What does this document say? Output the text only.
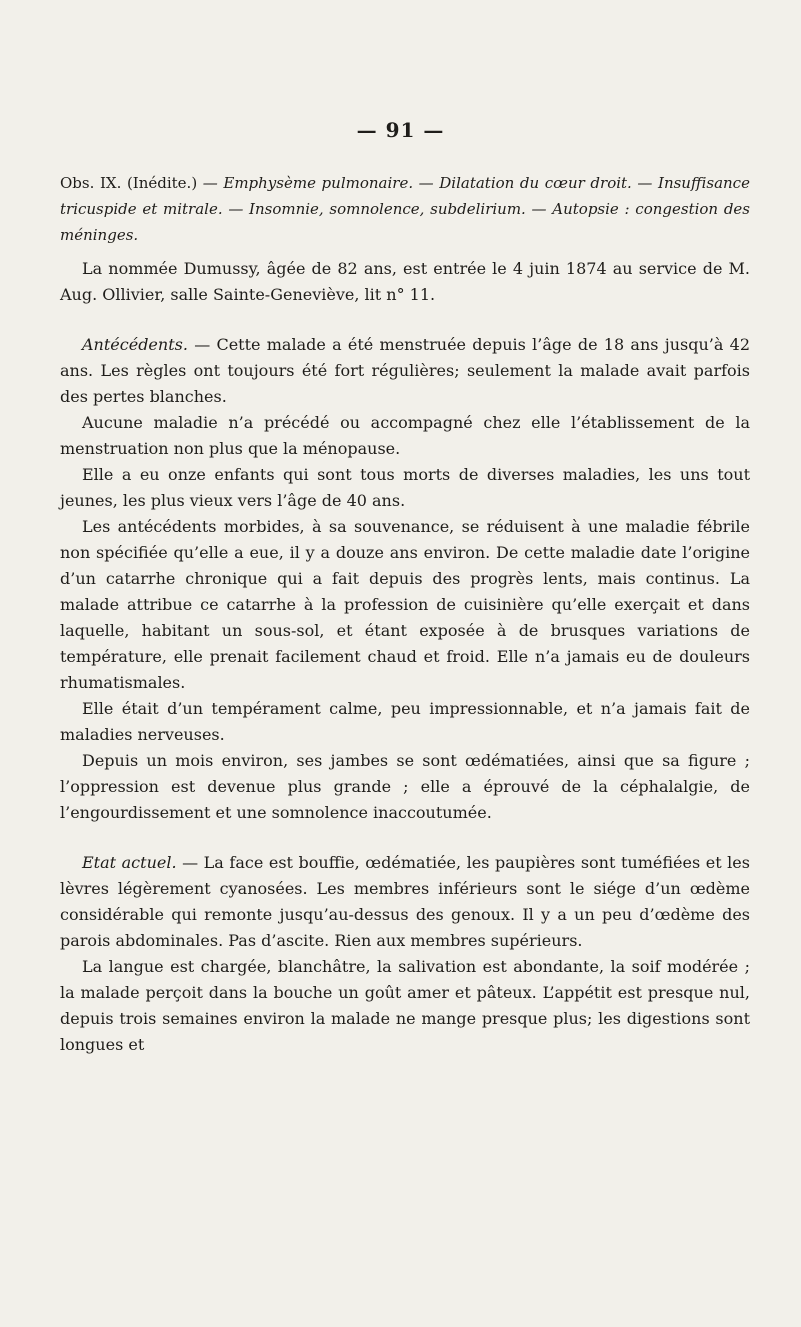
— 91 —
Obs. IX. (Inédite.) — Emphysème pulmonaire. — Dilatation du cœur droit. — Insuffisance tricuspide et mitrale. — Insomnie, somnolence, subdelirium. — Autopsie : congestion des méninges.

La nommée Dumussy, âgée de 82 ans, est entrée le 4 juin 1874 au service de M. Aug. Ollivier, salle Sainte-Geneviève, lit n° 11.

Antécédents. — Cette malade a été menstruée depuis l’âge de 18 ans jusqu’à 42 ans. Les règles ont toujours été fort régulières; seulement la malade avait parfois des pertes blanches.

Aucune maladie n’a précédé ou accompagné chez elle l’établissement de la menstruation non plus que la ménopause.

Elle a eu onze enfants qui sont tous morts de diverses maladies, les uns tout jeunes, les plus vieux vers l’âge de 40 ans.

Les antécédents morbides, à sa souvenance, se réduisent à une maladie fébrile non spécifiée qu’elle a eue, il y a douze ans environ. De cette maladie date l’origine d’un catarrhe chronique qui a fait depuis des progrès lents, mais continus. La malade attribue ce catarrhe à la profession de cuisinière qu’elle exerçait et dans laquelle, habitant un sous-sol, et étant exposée à de brusques variations de température, elle prenait facilement chaud et froid. Elle n’a jamais eu de douleurs rhumatismales.

Elle était d’un tempérament calme, peu impressionnable, et n’a jamais fait de maladies nerveuses.

Depuis un mois environ, ses jambes se sont œdématiées, ainsi que sa figure ; l’oppression est devenue plus grande ; elle a éprouvé de la céphalalgie, de l’engourdissement et une somnolence inaccoutumée.

Etat actuel. — La face est bouffie, œdématiée, les paupières sont tuméfiées et les lèvres légèrement cyanosées. Les membres inférieurs sont le siége d’un œdème considérable qui remonte jusqu’au-dessus des genoux. Il y a un peu d’œdème des parois abdominales. Pas d’ascite. Rien aux membres supérieurs.

La langue est chargée, blanchâtre, la salivation est abondante, la soif modérée ; la malade perçoit dans la bouche un goût amer et pâteux. L’appétit est presque nul, depuis trois semaines environ la malade ne mange presque plus; les digestions sont longues et
